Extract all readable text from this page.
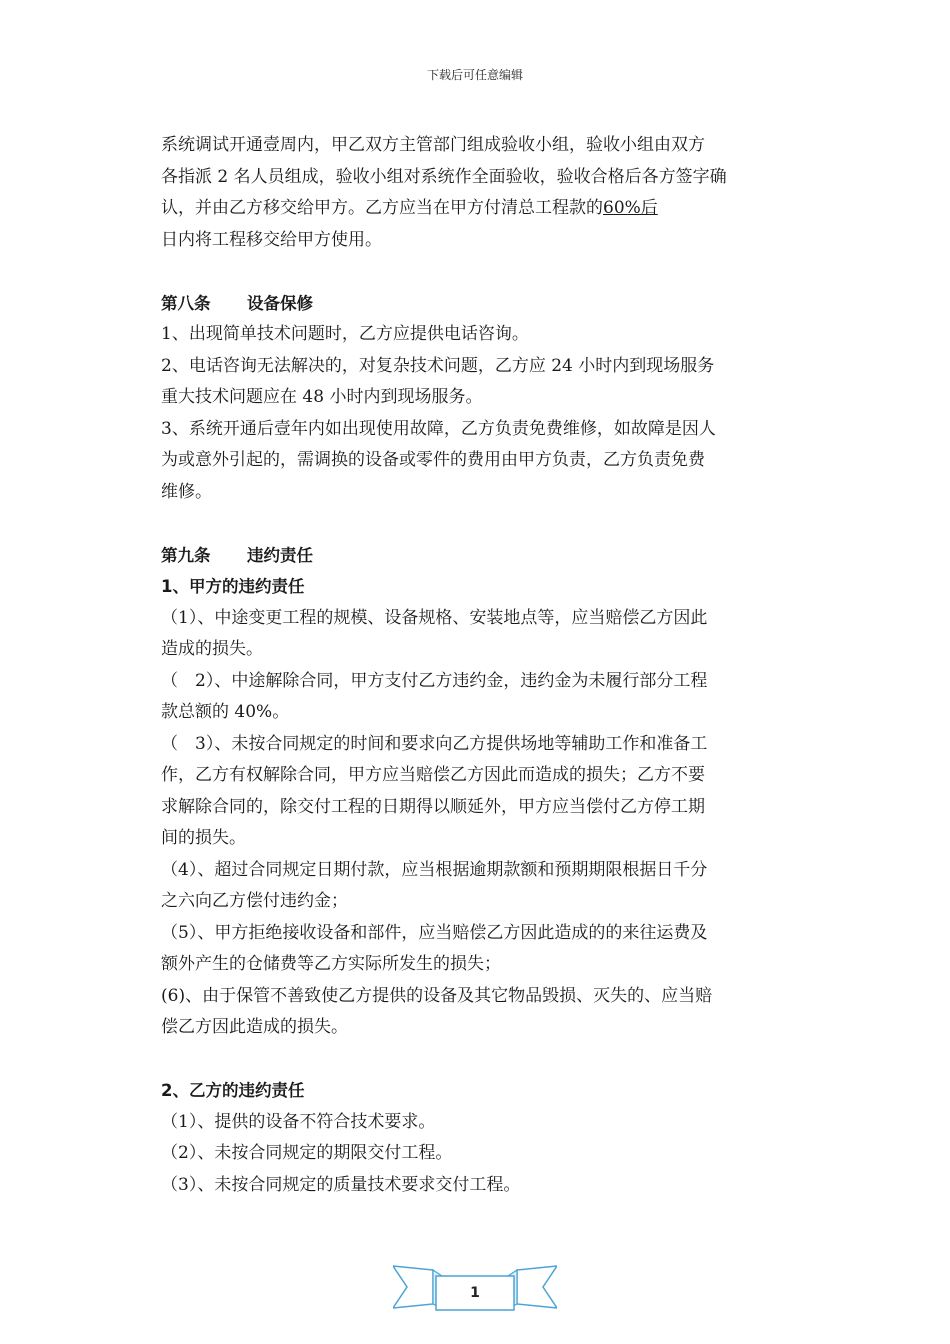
下载后可任意编辑
系统调试开通壹周内，甲乙双方主管部门组成验收小组，验收小组由双方
各指派 2 名人员组成，验收小组对系统作全面验收，验收合格后各方签字确
认，并由乙方移交给甲方。乙方应当在甲方付清总工程款的60%后
日内将工程移交给甲方使用。
第八条 设备保修
1、出现简单技术问题时，乙方应提供电话咨询。
2、电话咨询无法解决的，对复杂技术问题，乙方应 24 小时内到现场服务
重大技术问题应在 48 小时内到现场服务。
3、系统开通后壹年内如出现使用故障，乙方负责免费维修，如故障是因人
为或意外引起的，需调换的设备或零件的费用由甲方负责，乙方负责免费
维修。
第九条 违约责任
1、甲方的违约责任
（1）、中途变更工程的规模、设备规格、安装地点等，应当赔偿乙方因此
造成的损失。
（　2）、中途解除合同，甲方支付乙方违约金，违约金为未履行部分工程
款总额的 40%。
（　3）、未按合同规定的时间和要求向乙方提供场地等辅助工作和准备工
作，乙方有权解除合同，甲方应当赔偿乙方因此而造成的损失；乙方不要
求解除合同的，除交付工程的日期得以顺延外，甲方应当偿付乙方停工期
间的损失。
（4）、超过合同规定日期付款，应当根据逾期款额和预期期限根据日千分
之六向乙方偿付违约金；
（5）、甲方拒绝接收设备和部件，应当赔偿乙方因此造成的的来往运费及
额外产生的仓储费等乙方实际所发生的损失；
(6)、由于保管不善致使乙方提供的设备及其它物品毁损、灭失的、应当赔
偿乙方因此造成的损失。
2、乙方的违约责任
（1）、提供的设备不符合技术要求。
（2）、未按合同规定的期限交付工程。
（3）、未按合同规定的质量技术要求交付工程。
1
